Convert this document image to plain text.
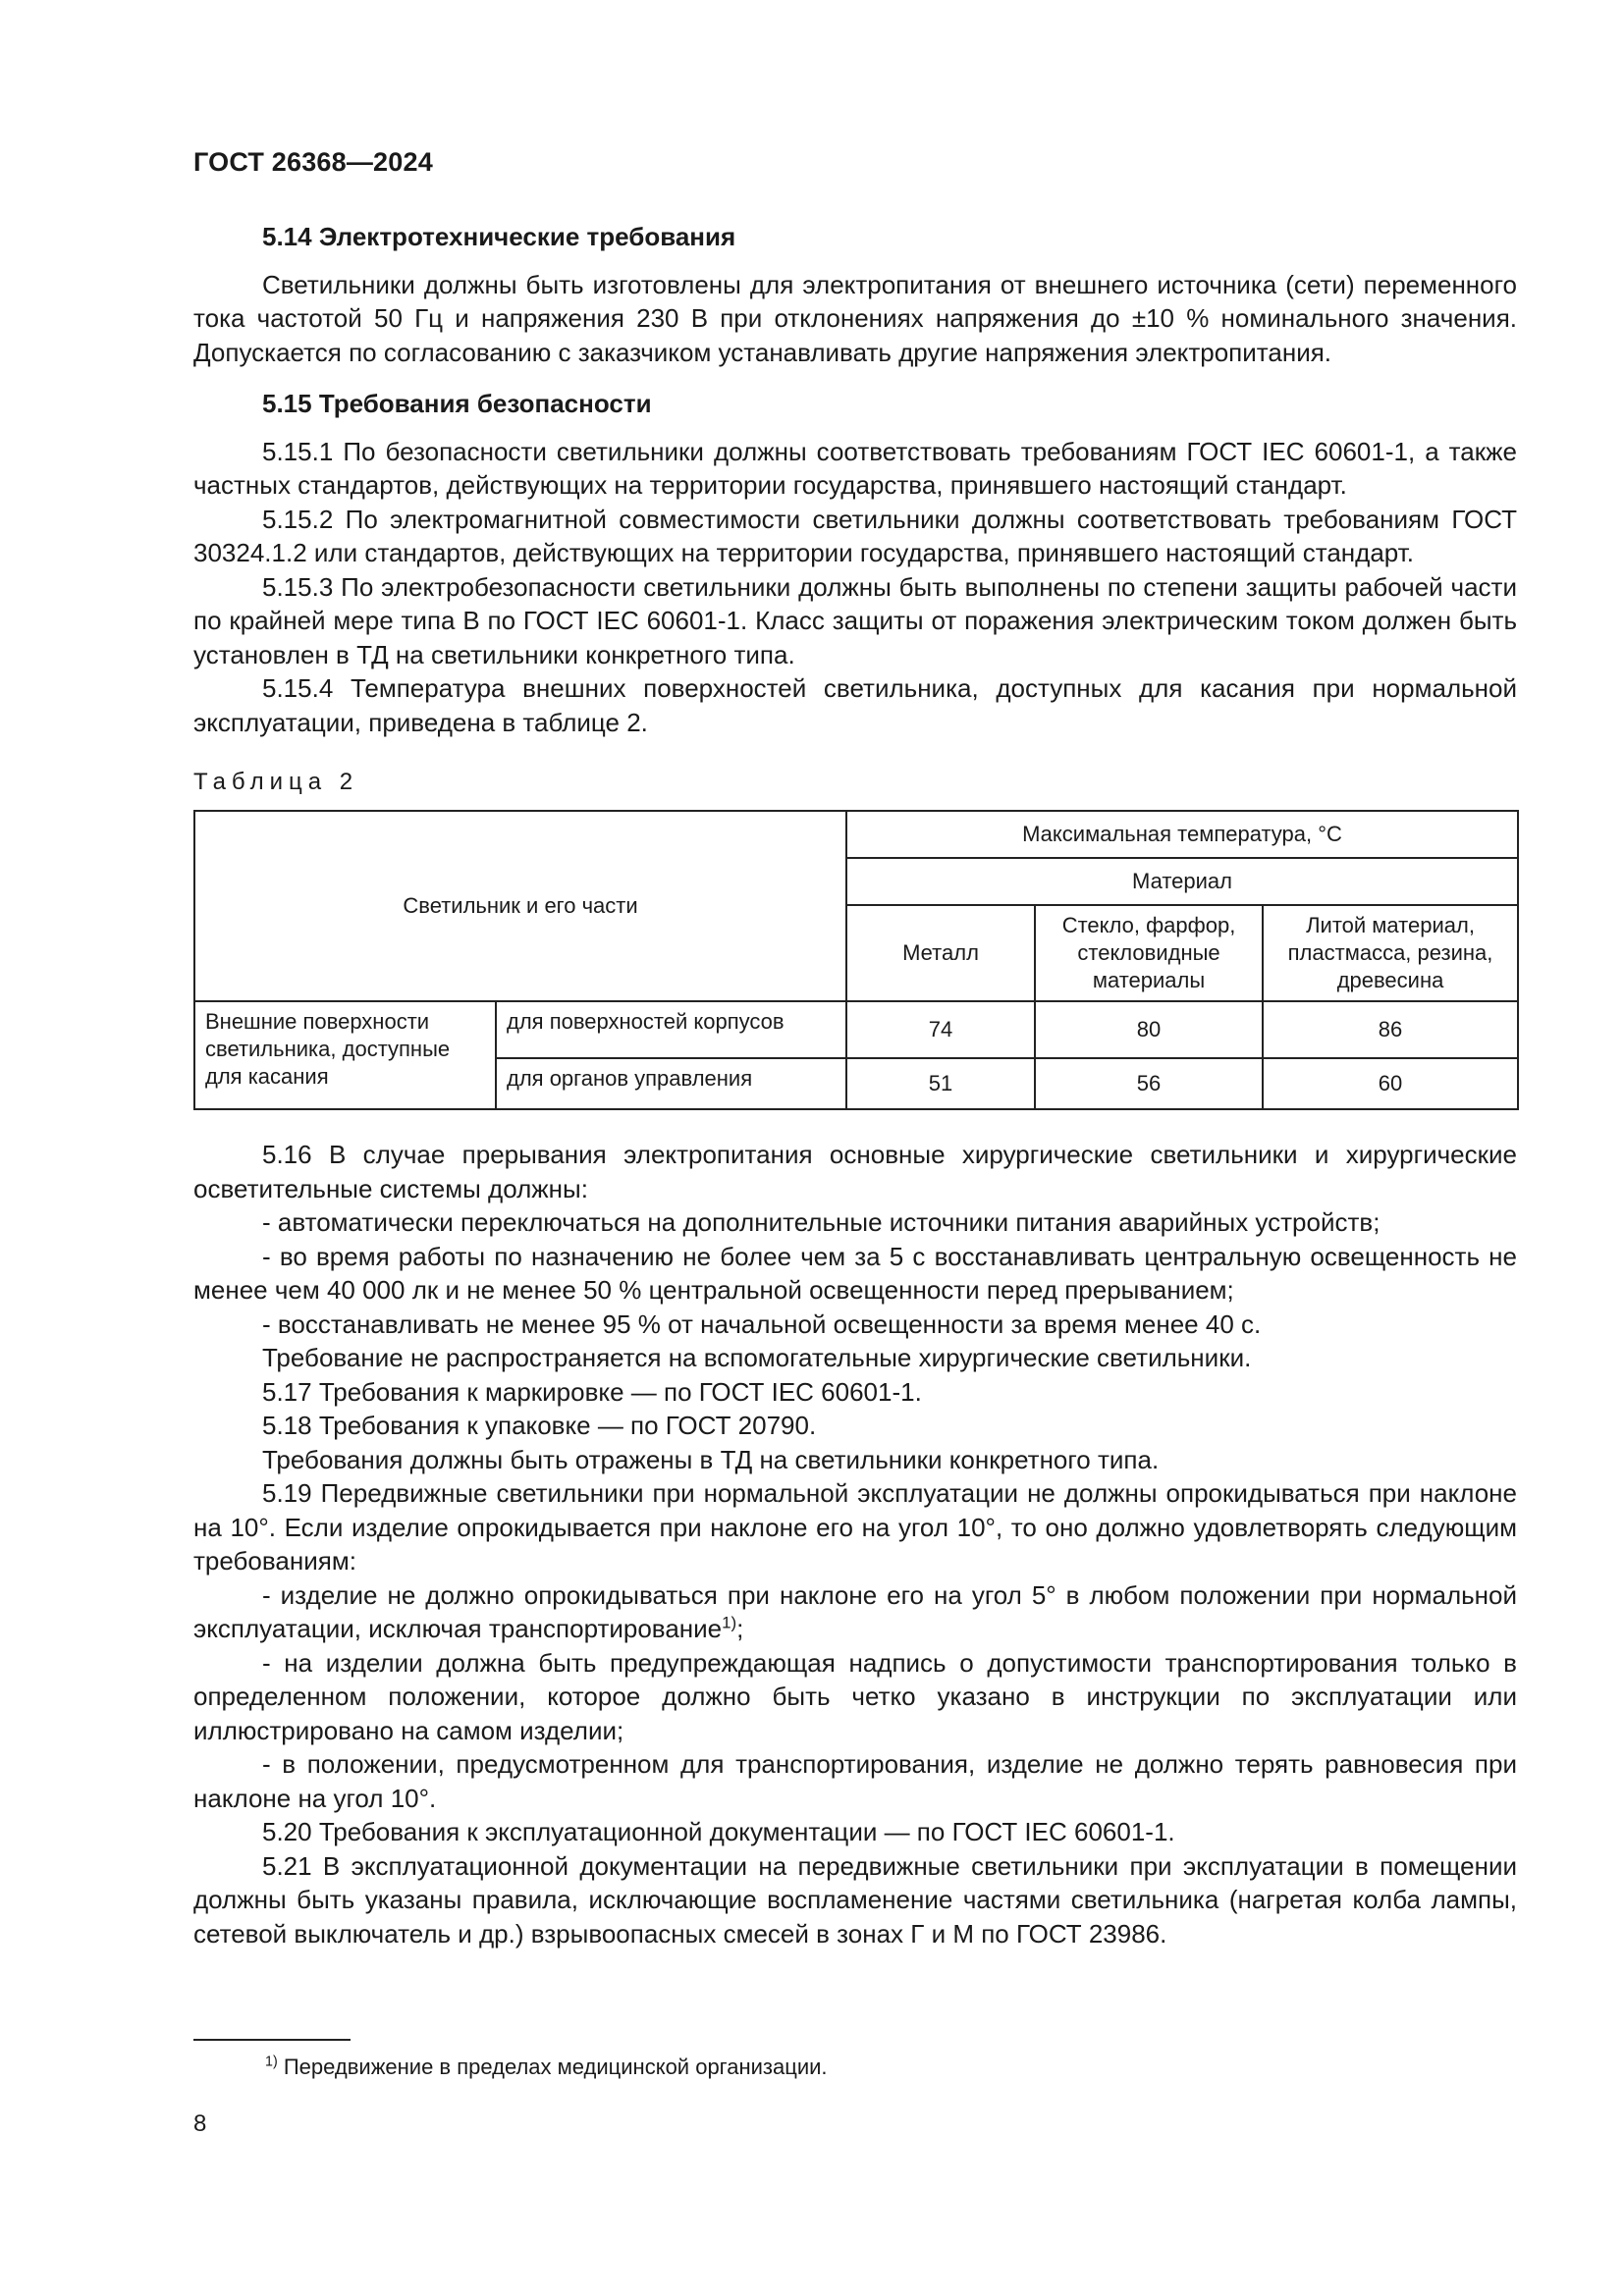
ГОСТ 26368—2024

5.14 Электротехнические требования

Светильники должны быть изготовлены для электропитания от внешнего источника (сети) переменного тока частотой 50 Гц и напряжения 230 В при отклонениях напряжения до ±10 % номинального значения. Допускается по согласованию с заказчиком устанавливать другие напряжения электропитания.

5.15 Требования безопасности

5.15.1 По безопасности светильники должны соответствовать требованиям ГОСТ IEC 60601-1, а также частных стандартов, действующих на территории государства, принявшего настоящий стандарт.

5.15.2 По электромагнитной совместимости светильники должны соответствовать требованиям ГОСТ 30324.1.2 или стандартов, действующих на территории государства, принявшего настоящий стандарт.

5.15.3 По электробезопасности светильники должны быть выполнены по степени защиты рабочей части по крайней мере типа В по ГОСТ IEC 60601-1. Класс защиты от поражения электрическим током должен быть установлен в ТД на светильники конкретного типа.

5.15.4 Температура внешних поверхностей светильника, доступных для касания при нормальной эксплуатации, приведена в таблице 2.

Таблица 2
Светильник и его части		Максимальная температура, °С		
		Материал		
		Металл	Стекло, фарфор, стекловидные материалы	Литой материал, пластмасса, резина, древесина
Внешние поверхности светильника, доступные для касания	для поверхностей корпусов	74	80	86
	для органов управления	51	56	60

5.16 В случае прерывания электропитания основные хирургические светильники и хирургические осветительные системы должны:

- автоматически переключаться на дополнительные источники питания аварийных устройств;

- во время работы по назначению не более чем за 5 с восстанавливать центральную освещенность не менее чем 40 000 лк и не менее 50 % центральной освещенности перед прерыванием;

- восстанавливать не менее 95 % от начальной освещенности за время менее 40 с.

Требование не распространяется на вспомогательные хирургические светильники.

5.17 Требования к маркировке — по ГОСТ IEC 60601-1.

5.18 Требования к упаковке — по ГОСТ 20790.

Требования должны быть отражены в ТД на светильники конкретного типа.

5.19 Передвижные светильники при нормальной эксплуатации не должны опрокидываться при наклоне на 10°. Если изделие опрокидывается при наклоне его на угол 10°, то оно должно удовлетворять следующим требованиям:

- изделие не должно опрокидываться при наклоне его на угол 5° в любом положении при нормальной эксплуатации, исключая транспортирование$^{1)}$;

- на изделии должна быть предупреждающая надпись о допустимости транспортирования только в определенном положении, которое должно быть четко указано в инструкции по эксплуатации или иллюстрировано на самом изделии;

- в положении, предусмотренном для транспортирования, изделие не должно терять равновесия при наклоне на угол 10°.

5.20 Требования к эксплуатационной документации — по ГОСТ IEC 60601-1.

5.21 В эксплуатационной документации на передвижные светильники при эксплуатации в помещении должны быть указаны правила, исключающие воспламенение частями светильника (нагретая колба лампы, сетевой выключатель и др.) взрывоопасных смесей в зонах Г и М по ГОСТ 23986.

$^{1)}$ Передвижение в пределах медицинской организации.
8
